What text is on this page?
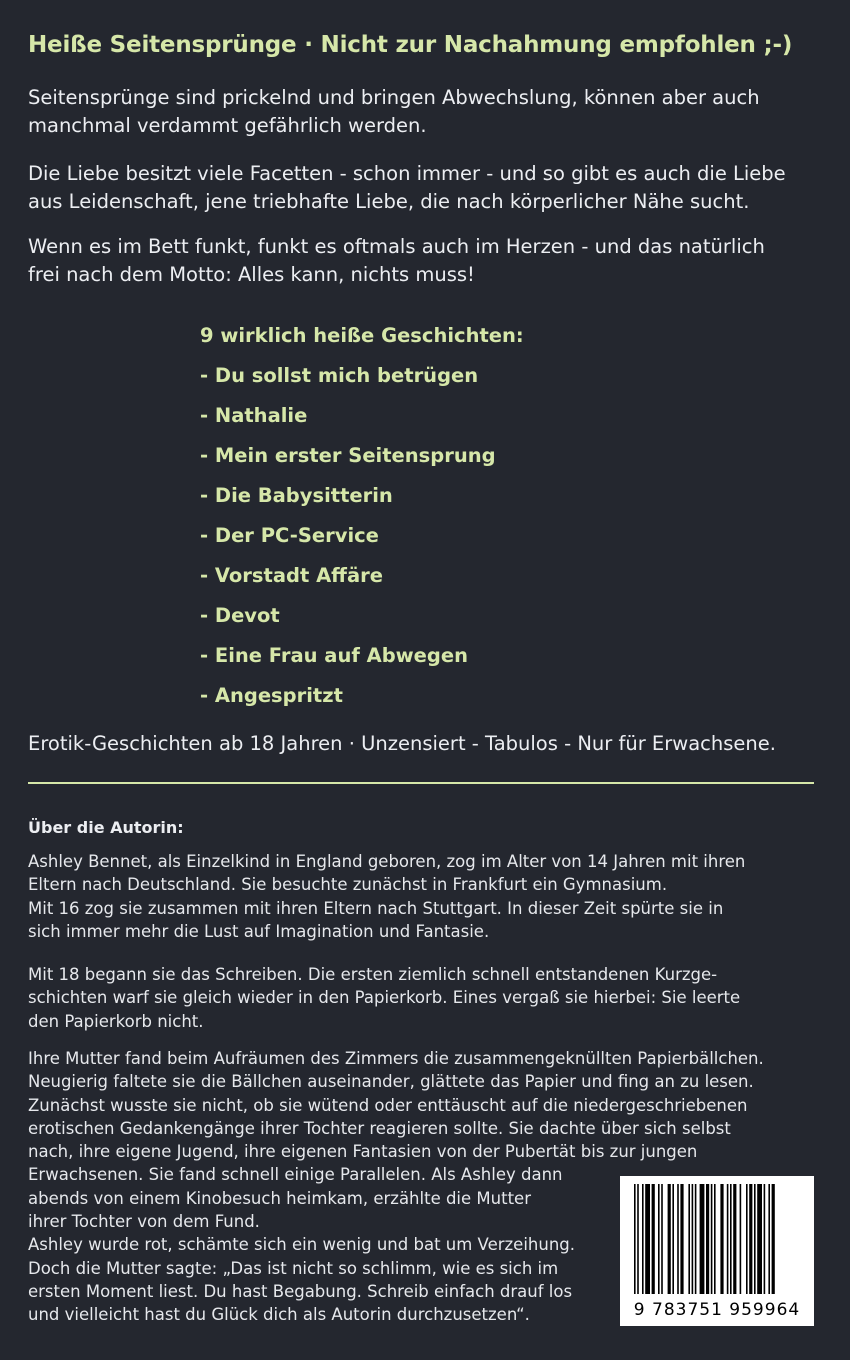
Heiße Seitensprünge · Nicht zur Nachahmung empfohlen ;-)

Seitensprünge sind prickelnd und bringen Abwechslung, können aber auch
manchmal verdammt gefährlich werden.

Die Liebe besitzt viele Facetten - schon immer - und so gibt es auch die Liebe
aus Leidenschaft, jene triebhafte Liebe, die nach körperlicher Nähe sucht.

Wenn es im Bett funkt, funkt es oftmals auch im Herzen - und das natürlich
frei nach dem Motto: Alles kann, nichts muss!

9 wirklich heiße Geschichten:
- Du sollst mich betrügen
- Nathalie
- Mein erster Seitensprung
- Die Babysitterin
- Der PC-Service
- Vorstadt Affäre
- Devot
- Eine Frau auf Abwegen
- Angespritzt

Erotik-Geschichten ab 18 Jahren · Unzensiert - Tabulos - Nur für Erwachsene.

Über die Autorin:

Ashley Bennet, als Einzelkind in England geboren, zog im Alter von 14 Jahren mit ihren
Eltern nach Deutschland. Sie besuchte zunächst in Frankfurt ein Gymnasium.
Mit 16 zog sie zusammen mit ihren Eltern nach Stuttgart. In dieser Zeit spürte sie in
sich immer mehr die Lust auf Imagination und Fantasie.

Mit 18 begann sie das Schreiben. Die ersten ziemlich schnell entstandenen Kurzge-
schichten warf sie gleich wieder in den Papierkorb. Eines vergaß sie hierbei: Sie leerte
den Papierkorb nicht.

Ihre Mutter fand beim Aufräumen des Zimmers die zusammengeknüllten Papierbällchen.
Neugierig faltete sie die Bällchen auseinander, glättete das Papier und fing an zu lesen.
Zunächst wusste sie nicht, ob sie wütend oder enttäuscht auf die niedergeschriebenen
erotischen Gedankengänge ihrer Tochter reagieren sollte. Sie dachte über sich selbst
nach, ihre eigene Jugend, ihre eigenen Fantasien von der Pubertät bis zur jungen
Erwachsenen. Sie fand schnell einige Parallelen. Als Ashley dann
abends von einem Kinobesuch heimkam, erzählte die Mutter
ihrer Tochter von dem Fund.
Ashley wurde rot, schämte sich ein wenig und bat um Verzeihung.
Doch die Mutter sagte: „Das ist nicht so schlimm, wie es sich im
ersten Moment liest. Du hast Begabung. Schreib einfach drauf los
und vielleicht hast du Glück dich als Autorin durchzusetzen“.	9 783751 959964
